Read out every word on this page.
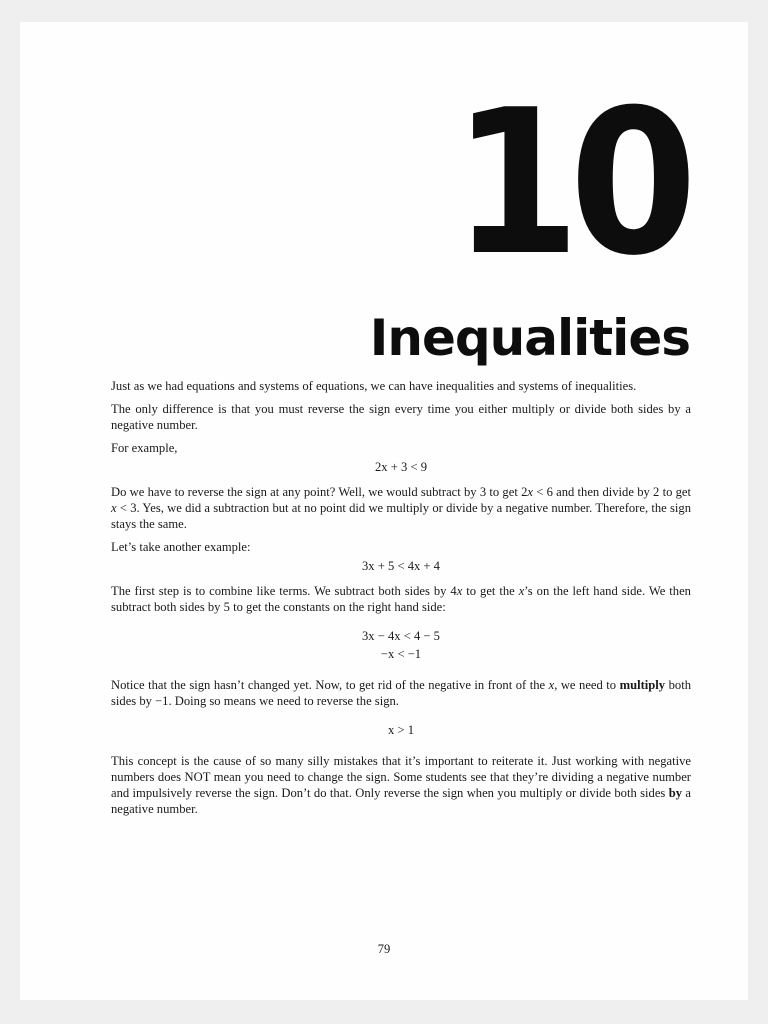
10
Inequalities

Just as we had equations and systems of equations, we can have inequalities and systems of inequalities.

The only difference is that you must reverse the sign every time you either multiply or divide both sides by a negative number.

For example,

2x + 3 < 9

Do we have to reverse the sign at any point? Well, we would subtract by 3 to get 2x < 6 and then divide by 2 to get x < 3. Yes, we did a subtraction but at no point did we multiply or divide by a negative number. Therefore, the sign stays the same.

Let’s take another example:

3x + 5 < 4x + 4

The first step is to combine like terms. We subtract both sides by 4x to get the x’s on the left hand side. We then subtract both sides by 5 to get the constants on the right hand side:

3x − 4x < 4 − 5
−x < −1

Notice that the sign hasn’t changed yet. Now, to get rid of the negative in front of the x, we need to multiply both sides by −1. Doing so means we need to reverse the sign.

x > 1

This concept is the cause of so many silly mistakes that it’s important to reiterate it. Just working with negative numbers does NOT mean you need to change the sign. Some students see that they’re dividing a negative number and impulsively reverse the sign. Don’t do that. Only reverse the sign when you multiply or divide both sides by a negative number.

79
